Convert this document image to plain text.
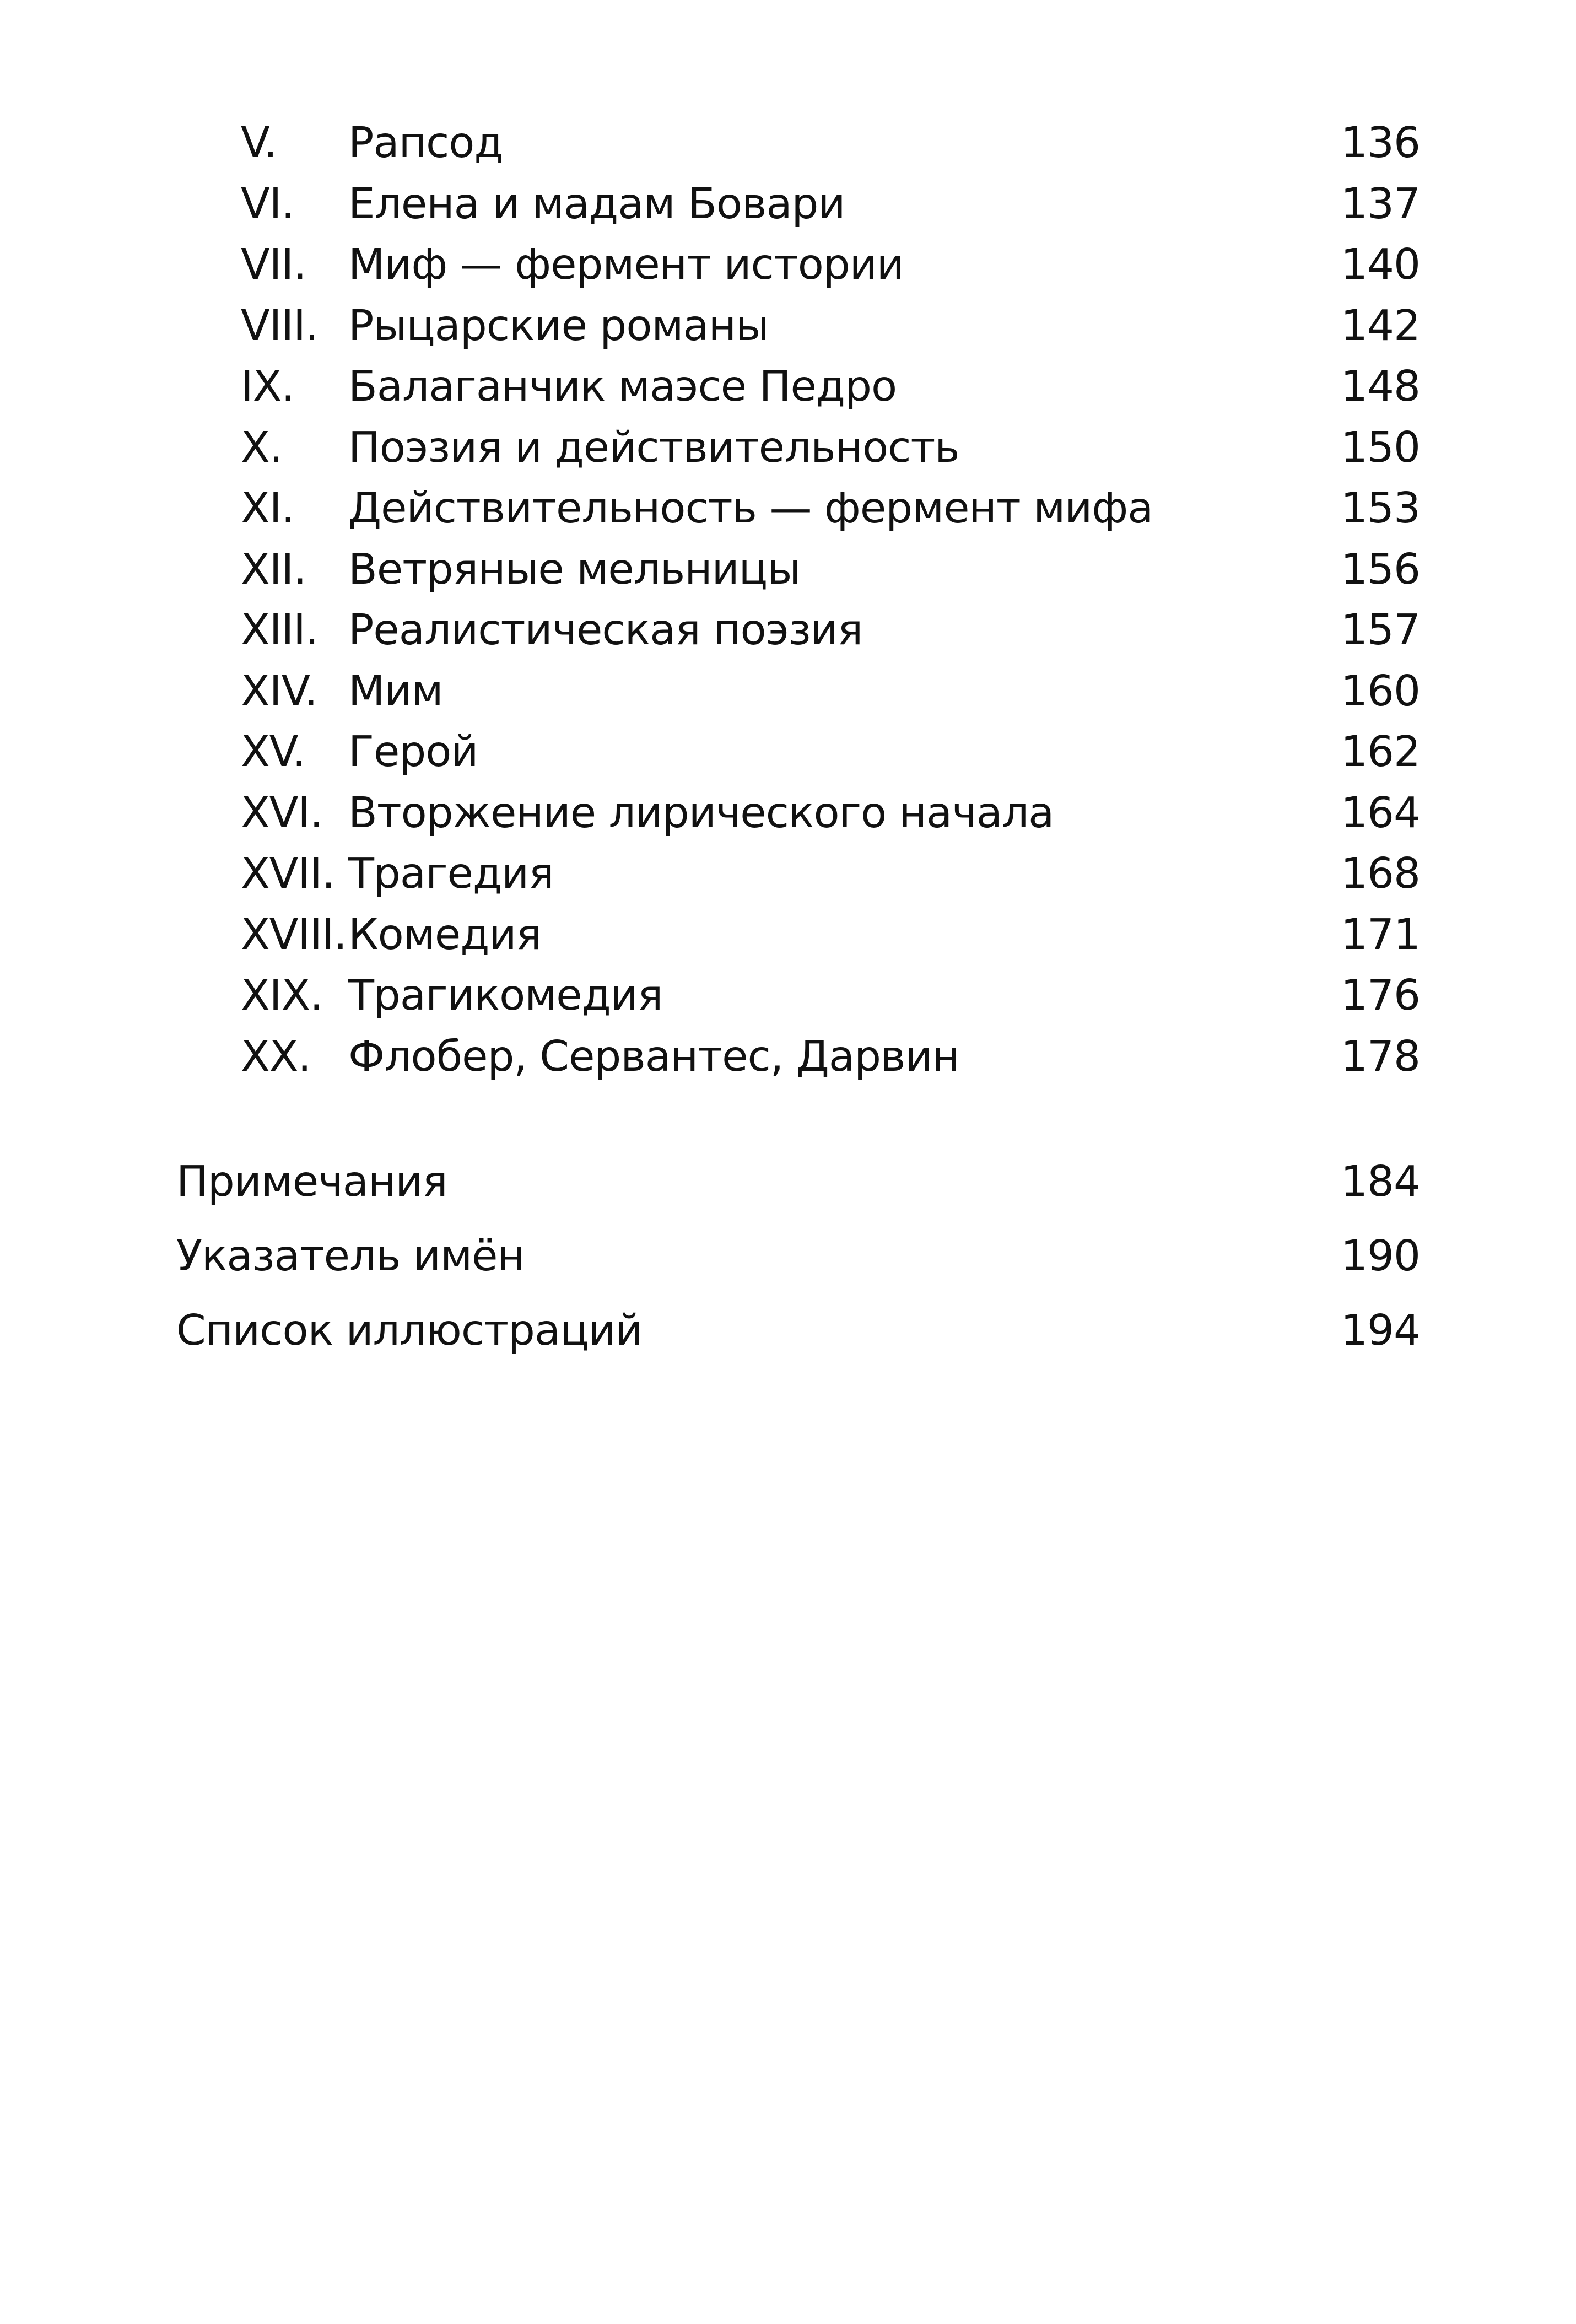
V. Рапсод	136
VI. Елена и мадам Бовари	137
VII. Миф — фермент истории	140
VIII. Рыцарские романы	142
IX. Балаганчик маэсе Педро	148
X. Поэзия и действительность	150
XI. Действительность — фермент мифа	153
XII. Ветряные мельницы	156
XIII. Реалистическая поэзия	157
XIV. Мим	160
XV. Герой	162
XVI. Вторжение лирического начала	164
XVII. Трагедия	168
XVIII. Комедия	171
XIX. Трагикомедия	176
XX. Флобер, Сервантес, Дарвин	178
Примечания	184
Указатель имён	190
Список иллюстраций	194
